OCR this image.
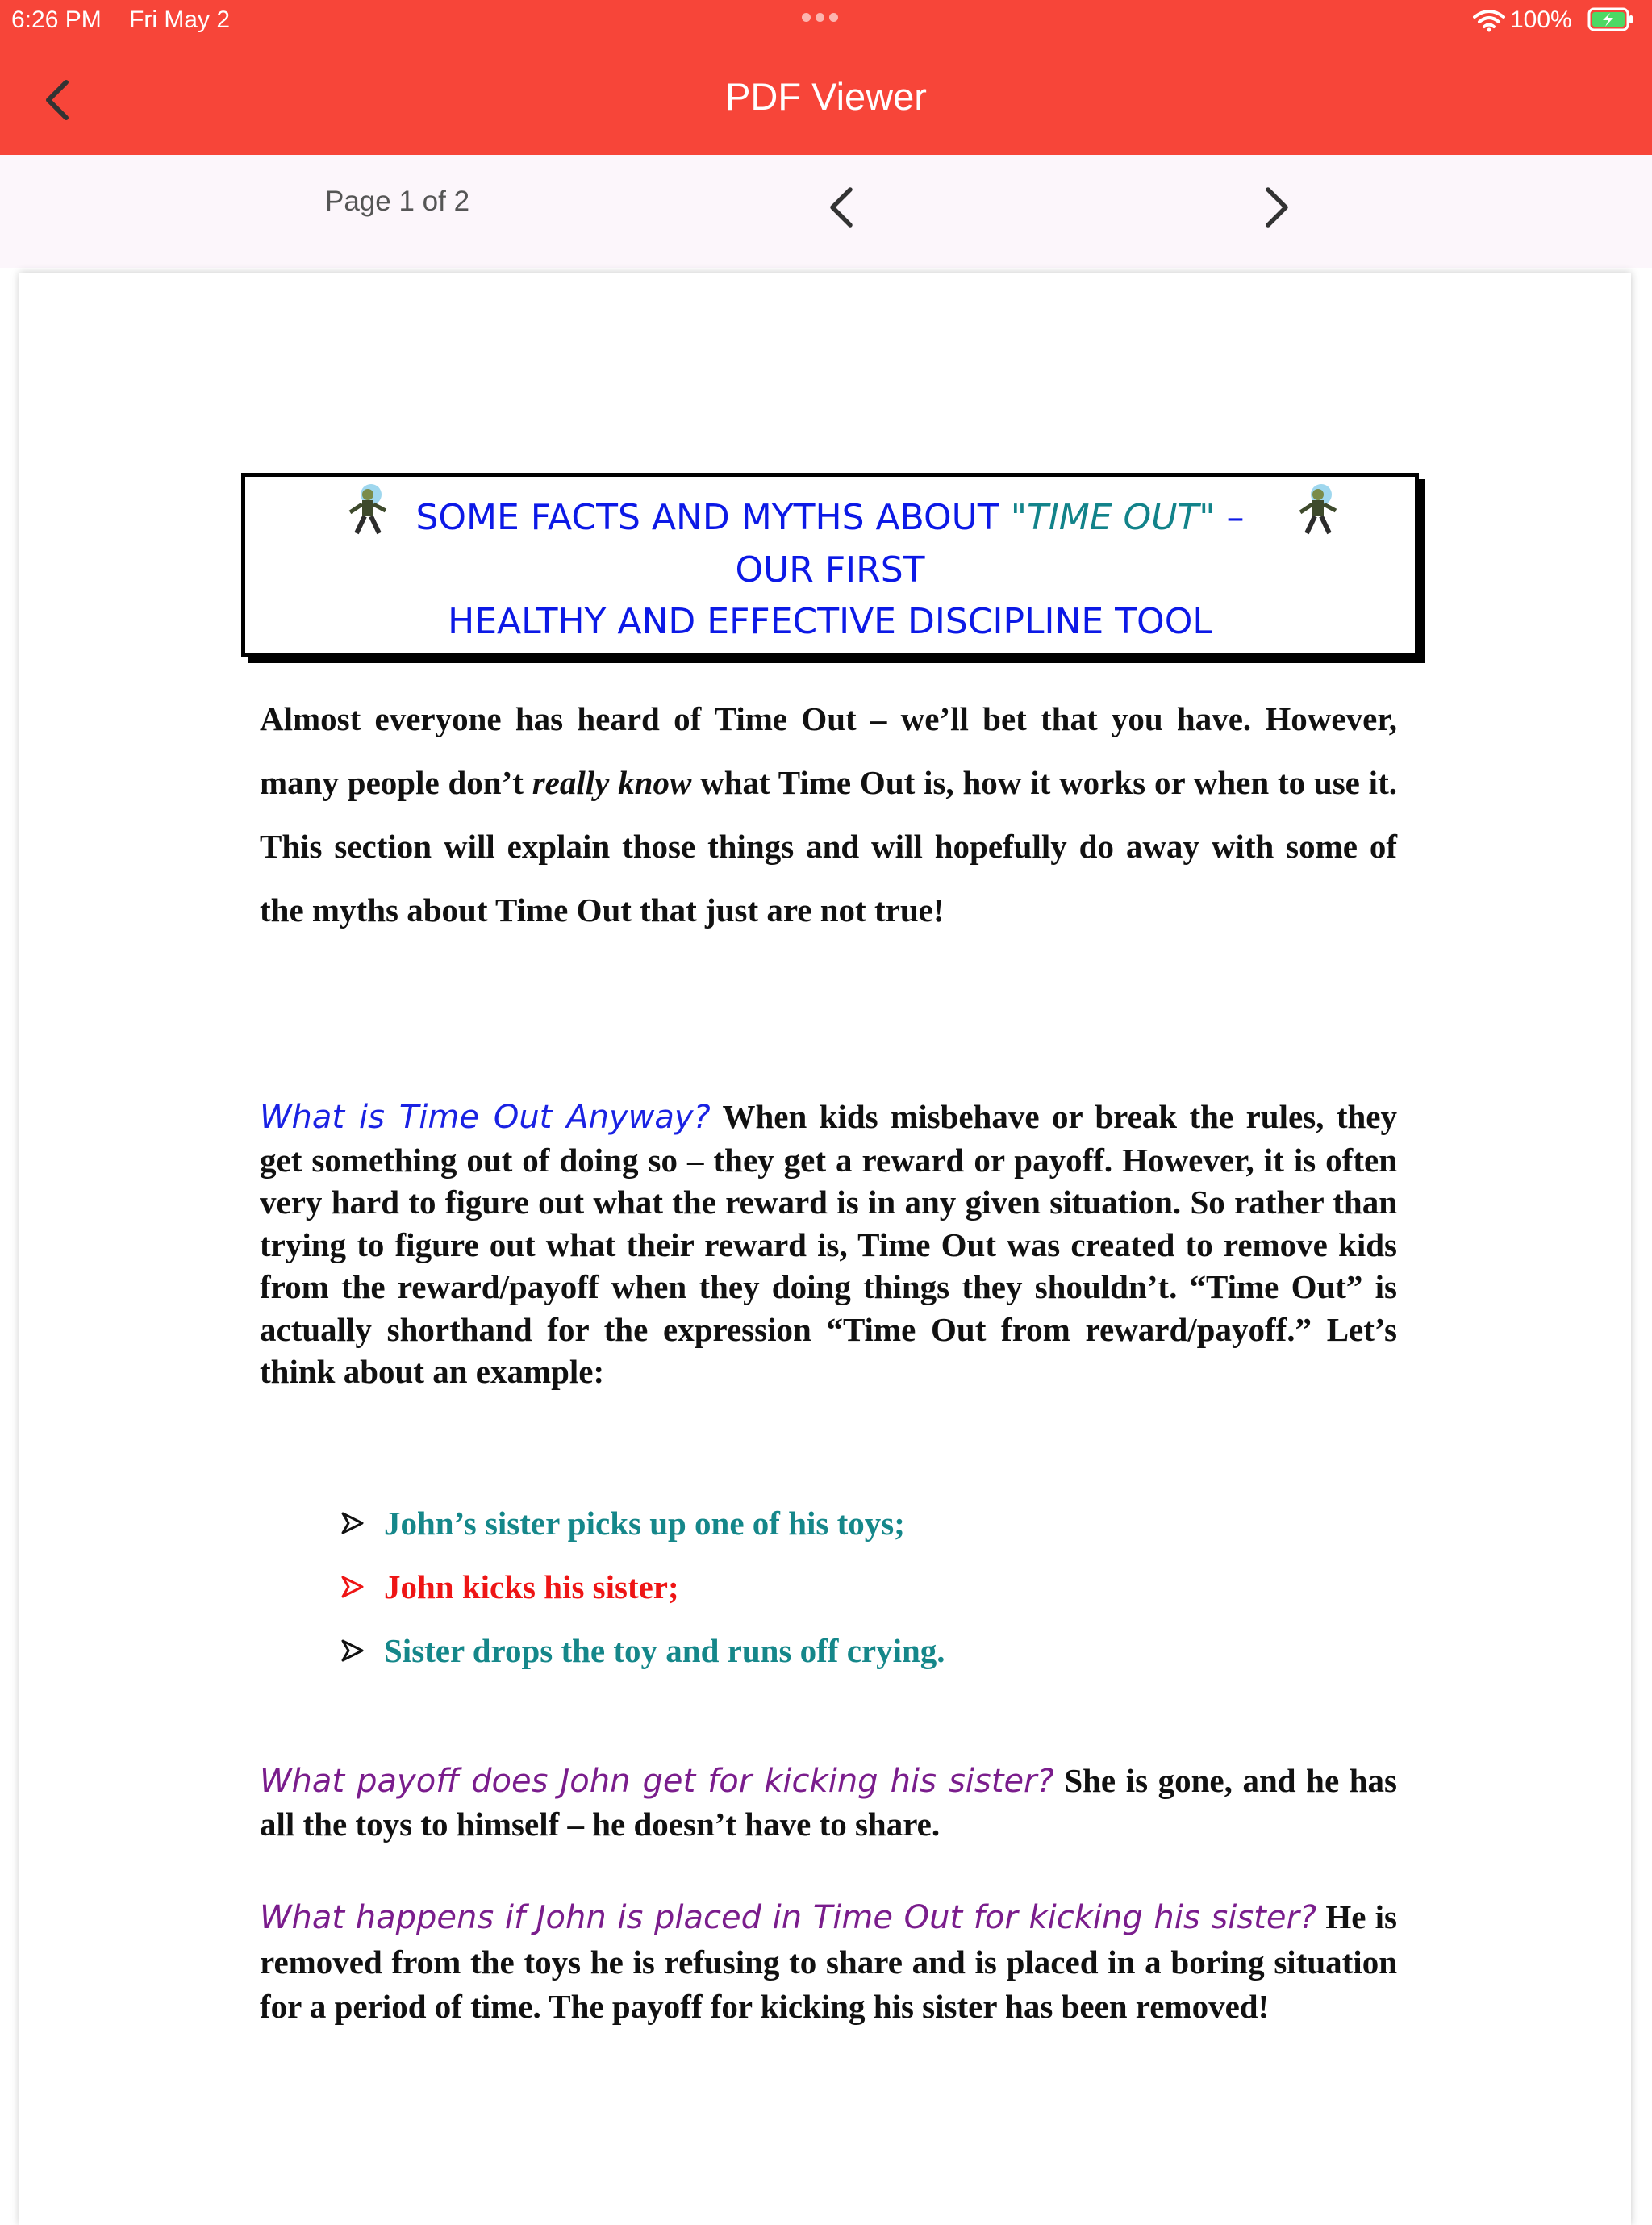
6:26 PM Fri May 2	100%
PDF Viewer
Page 1 of 2
SOME FACTS AND MYTHS ABOUT "TIME OUT" –
OUR FIRST
HEALTHY AND EFFECTIVE DISCIPLINE TOOL
Almost everyone has heard of Time Out – we’ll bet that you have. However, many people don’t really know what Time Out is, how it works or when to use it. This section will explain those things and will hopefully do away with some of the myths about Time Out that just are not true!
What is Time Out Anyway? When kids misbehave or break the rules, they get something out of doing so – they get a reward or payoff. However, it is often very hard to figure out what the reward is in any given situation. So rather than trying to figure out what their reward is, Time Out was created to remove kids from the reward/payoff when they doing things they shouldn’t. “Time Out” is actually shorthand for the expression “Time Out from reward/payoff.” Let’s think about an example:
John’s sister picks up one of his toys;
John kicks his sister;
Sister drops the toy and runs off crying.
What payoff does John get for kicking his sister? She is gone, and he has all the toys to himself – he doesn’t have to share.
What happens if John is placed in Time Out for kicking his sister? He is removed from the toys he is refusing to share and is placed in a boring situation for a period of time. The payoff for kicking his sister has been removed!
